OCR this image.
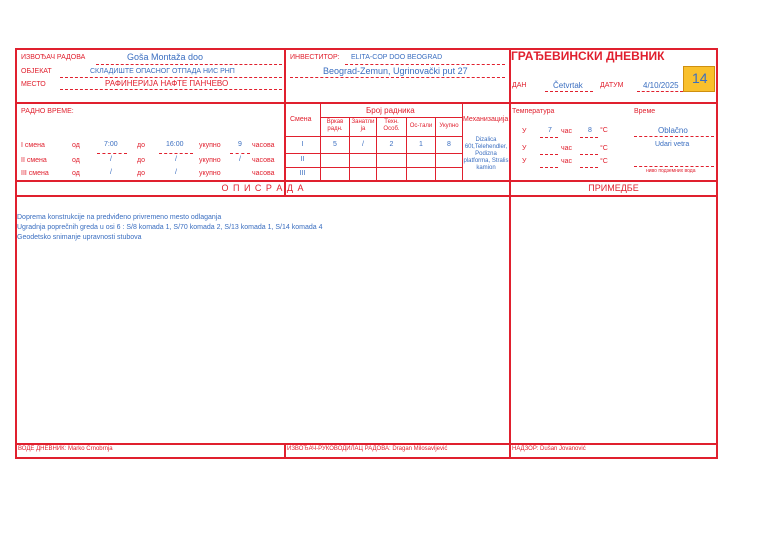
ИЗВОЂАЧ РАДОВА	Goša Montaža doo
ОБЈЕКАТ	СКЛАДИШТЕ ОПАСНОГ ОТПАДА НИС РНП
МЕСТО	РАФИНЕРИЈА НАФТЕ ПАНЧЕВО
ИНВЕСТИТОР: ELITA-COP DOO BEOGRAD
Beograd-Zemun, Ugrinovački put 27
ГРАЂЕВИНСКИ ДНЕВНИК
ДАН	Četvrtak ДАТУМ 4/10/2025 14
РАДНО ВРЕМЕ:
I смена	од	7:00	до	16:00 укупно 9 часова
II смена	од	/	до	/	укупно	/ часова
III смена	од	/	до	/	укупно	часова
Смена
Број радника
Вркав радн.
Занатли ја
Техн. Особ.	Ос-тали	Укупно
Механизација
I	5	/	2	1	8
II
III
Dizalica 60t,Telehendler, Podizna platforma, Stralis kamion
Температура	Време
У	7 час 8 °C
У	час	°C
У	час	°C
Oblačno
Udari vetra
ниво подземних вода
О П И С Р А Д А	ПРИМЕДБЕ
Doprema konstrukcije na predviđeno privremeno mesto odlaganja
Ugradnja poprečnih greda u osi 6 : S/8 komada 1, S/70 komada 2, S/13 komada 1, S/14 komada 4
Geodetsko snimanje upravnosti stubova
ВОДЕ ДНЕВНИК: Marko Crnobrnja	ИЗВОЂАЧ-РУКОВОДИЛАЦ РАДОВА: Dragan Milosavljević	НАДЗОР: Dušan Jovanović
